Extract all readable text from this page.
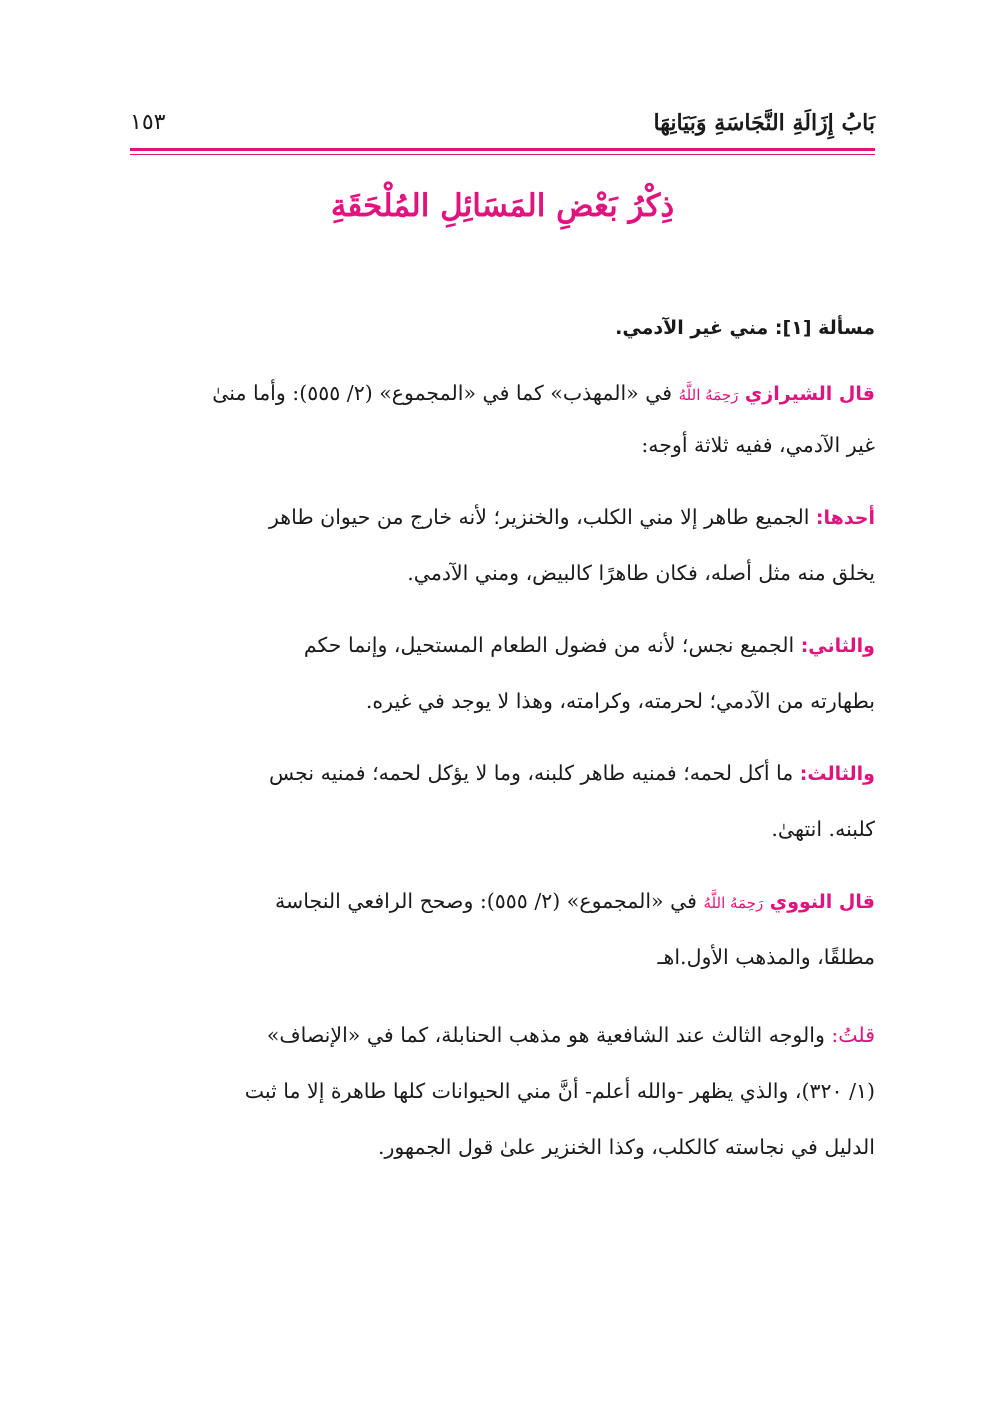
بَابُ إِزَالَةِ النَّجَاسَةِ وَبَيَانِهَا
١٥٣
ذِكْرُ بَعْضِ المَسَائِلِ المُلْحَقَةِ
مسألة [١]: مني غير الآدمي.
قال الشيرازي رَحِمَهُ اللَّهُ في «المهذب» كما في «المجموع» (٢/ ٥٥٥): وأما منىٰ
غير الآدمي، ففيه ثلاثة أوجه:
أحدها: الجميع طاهر إلا مني الكلب، والخنزير؛ لأنه خارج من حيوان طاهر
يخلق منه مثل أصله، فكان طاهرًا كالبيض، ومني الآدمي.
والثاني: الجميع نجس؛ لأنه من فضول الطعام المستحيل، وإنما حكم
بطهارته من الآدمي؛ لحرمته، وكرامته، وهذا لا يوجد في غيره.
والثالث: ما أكل لحمه؛ فمنيه طاهر كلبنه، وما لا يؤكل لحمه؛ فمنيه نجس
كلبنه. انتهىٰ.
قال النووي رَحِمَهُ اللَّهُ في «المجموع» (٢/ ٥٥٥): وصحح الرافعي النجاسة
مطلقًا، والمذهب الأول.اهـ
قلتُ: والوجه الثالث عند الشافعية هو مذهب الحنابلة، كما في «الإنصاف»
(١/ ٣٢٠)، والذي يظهر -والله أعلم- أنَّ مني الحيوانات كلها طاهرة إلا ما ثبت
الدليل في نجاسته كالكلب، وكذا الخنزير علىٰ قول الجمهور.
